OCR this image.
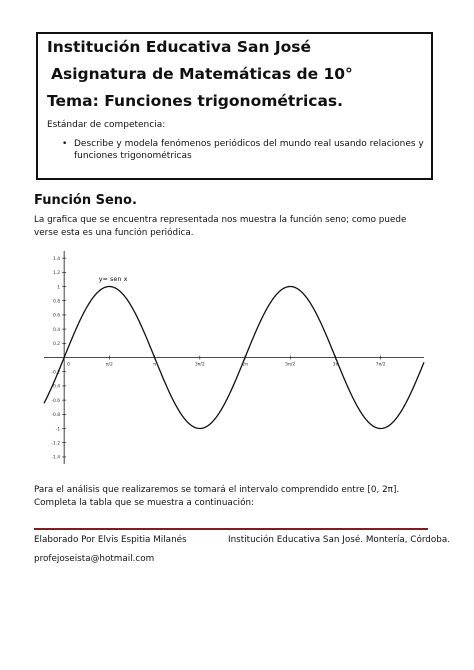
Institución Educativa San José
Asignatura de Matemáticas de 10°
Tema: Funciones trigonométricas.
Estándar de competencia:
• Describe y modela fenómenos periódicos del mundo real usando relaciones y
funciones trigonométricas
Función Seno.
La grafica que se encuentra representada nos muestra la función seno; como puede
verse esta es una función periódica.
1.4
1.2
1
0.8
0.6
0.4
0.2
-0.2
-0.4
-0.6
-0.8
-1
-1.2
-1.4
0	π/2	π	3π/2	2π	5π/2	3π	7π/2
y= sen x
Para el análisis que realizaremos se tomará el intervalo comprendido entre [0, 2π].
Completa la tabla que se muestra a continuación:
Elaborado Por Elvis Espitia Milanés	Institución Educativa San José. Montería, Córdoba.
profejoseista@hotmail.com
